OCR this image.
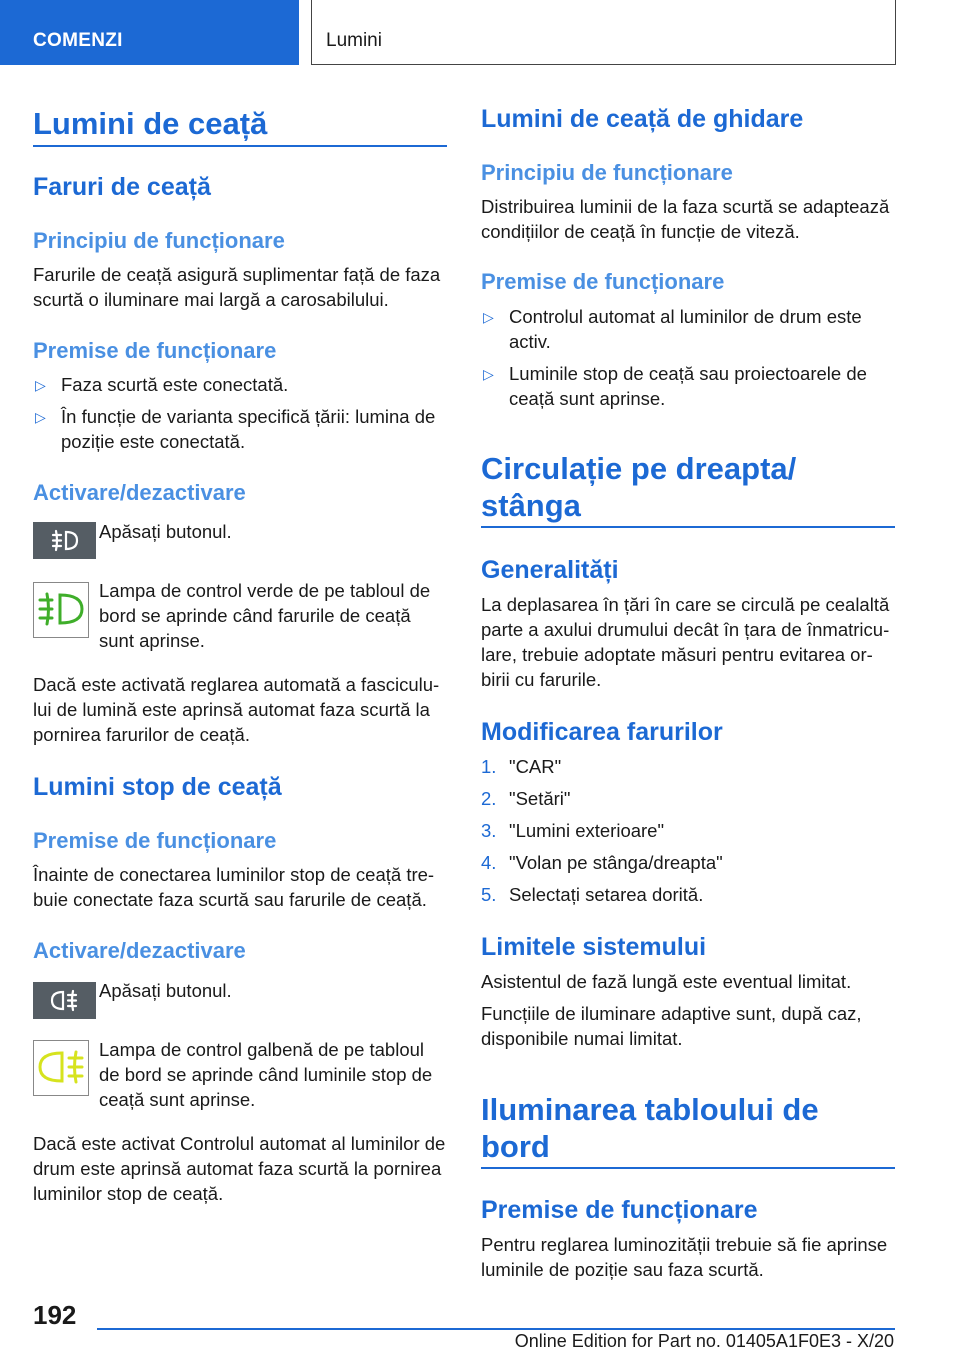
COMENZI	Lumini
Lumini de ceață
Faruri de ceață
Principiu de funcționare
Farurile de ceață asigură suplimentar față de faza scurtă o iluminare mai largă a carosabilului.
Premise de funcționare
▷ Faza scurtă este conectată.
▷ În funcție de varianta specifică țării: lumina de poziție este conectată.
Activare/dezactivare
Apăsați butonul.
Lampa de control verde de pe tabloul de bord se aprinde când farurile de ceață sunt aprinse.
Dacă este activată reglarea automată a fasciculului de lumină este aprinsă automat faza scurtă la pornirea farurilor de ceață.
Lumini stop de ceață
Premise de funcționare
Înainte de conectarea luminilor stop de ceață trebuie conectate faza scurtă sau farurile de ceață.
Activare/dezactivare
Apăsați butonul.
Lampa de control galbenă de pe tabloul de bord se aprinde când luminile stop de ceață sunt aprinse.
Dacă este activat Controlul automat al luminilor de drum este aprinsă automat faza scurtă la pornirea luminilor stop de ceață.
Lumini de ceață de ghidare
Principiu de funcționare
Distribuirea luminii de la faza scurtă se adaptează condițiilor de ceață în funcție de viteză.
Premise de funcționare
▷ Controlul automat al luminilor de drum este activ.
▷ Luminile stop de ceață sau proiectoarele de ceață sunt aprinse.
Circulație pe dreapta/
stânga
Generalități
La deplasarea în țări în care se circulă pe cealaltă parte a axului drumului decât în țara de înmatriculare, trebuie adoptate măsuri pentru evitarea orbirii cu farurile.
Modificarea farurilor
1. "CAR"
2. "Setări"
3. "Lumini exterioare"
4. "Volan pe stânga/dreapta"
5. Selectați setarea dorită.
Limitele sistemului
Asistentul de fază lungă este eventual limitat.
Funcțiile de iluminare adaptive sunt, după caz, disponibile numai limitat.
Iluminarea tabloului de
bord
Premise de funcționare
Pentru reglarea luminozității trebuie să fie aprinse luminile de poziție sau faza scurtă.
192
Online Edition for Part no. 01405A1F0E3 - X/20
